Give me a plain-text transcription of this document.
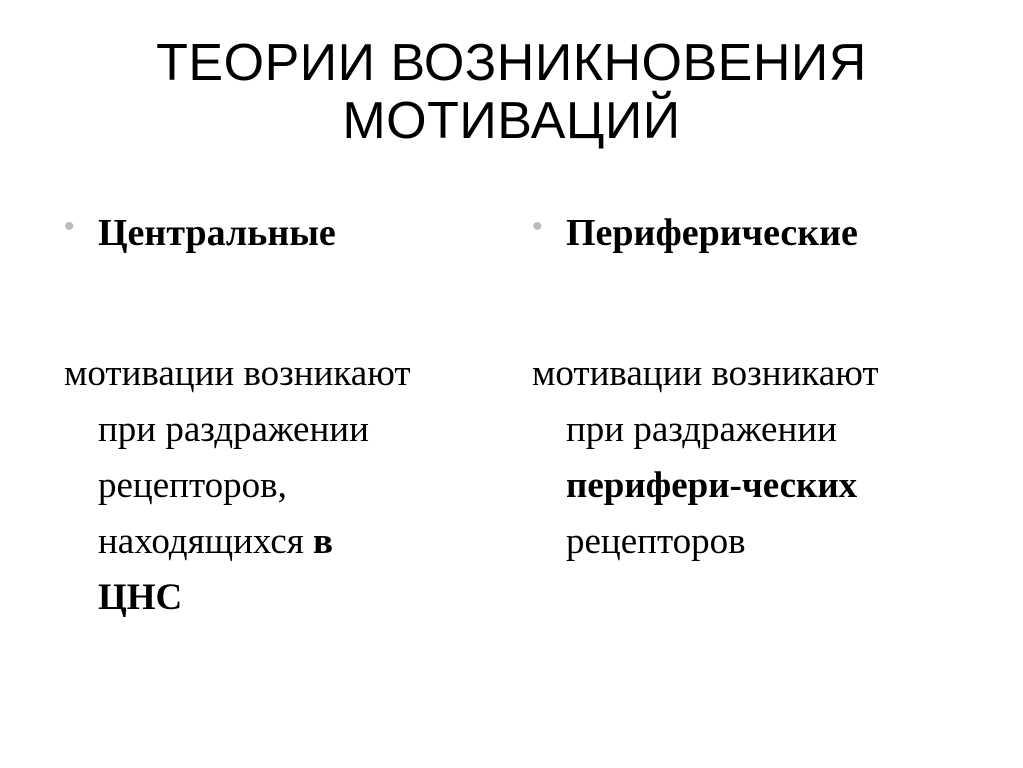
ТЕОРИИ ВОЗНИКНОВЕНИЯ
МОТИВАЦИЙ
• Центральные
мотивации возникают
при раздражении
рецепторов,
находящихся в
ЦНС
• Периферические
мотивации возникают
при раздражении
перифери-ческих
рецепторов
